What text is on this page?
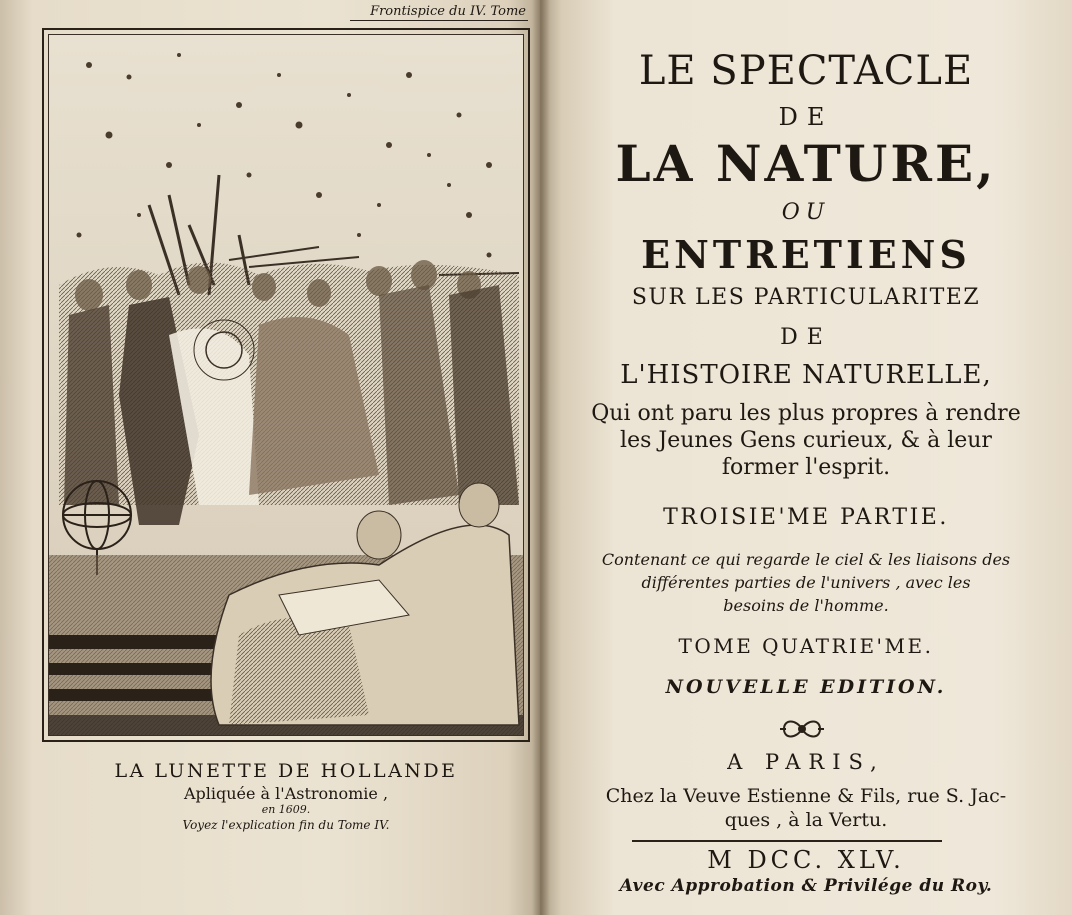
Frontispice du IV. Tome
LA LUNETTE DE HOLLANDE
Apliquée à l'Astronomie ,
en 1609.
Voyez l'explication fin du Tome IV.
LE SPECTACLE
DE
LA NATURE,
OU
ENTRETIENS
SUR LES PARTICULARITEZ
DE
L'HISTOIRE NATURELLE,
Qui ont paru les plus propres à rendre
les Jeunes Gens curieux, & à leur
former l'esprit.
TROISIE'ME PARTIE.
Contenant ce qui regarde le ciel & les liaisons des
différentes parties de l'univers , avec les
besoins de l'homme.
TOME QUATRIE'ME.
NOUVELLE EDITION.
A PARIS,
Chez la Veuve Estienne & Fils, rue S. Jac-
ques , à la Vertu.
M DCC. XLV.
Avec Approbation & Privilége du Roy.
